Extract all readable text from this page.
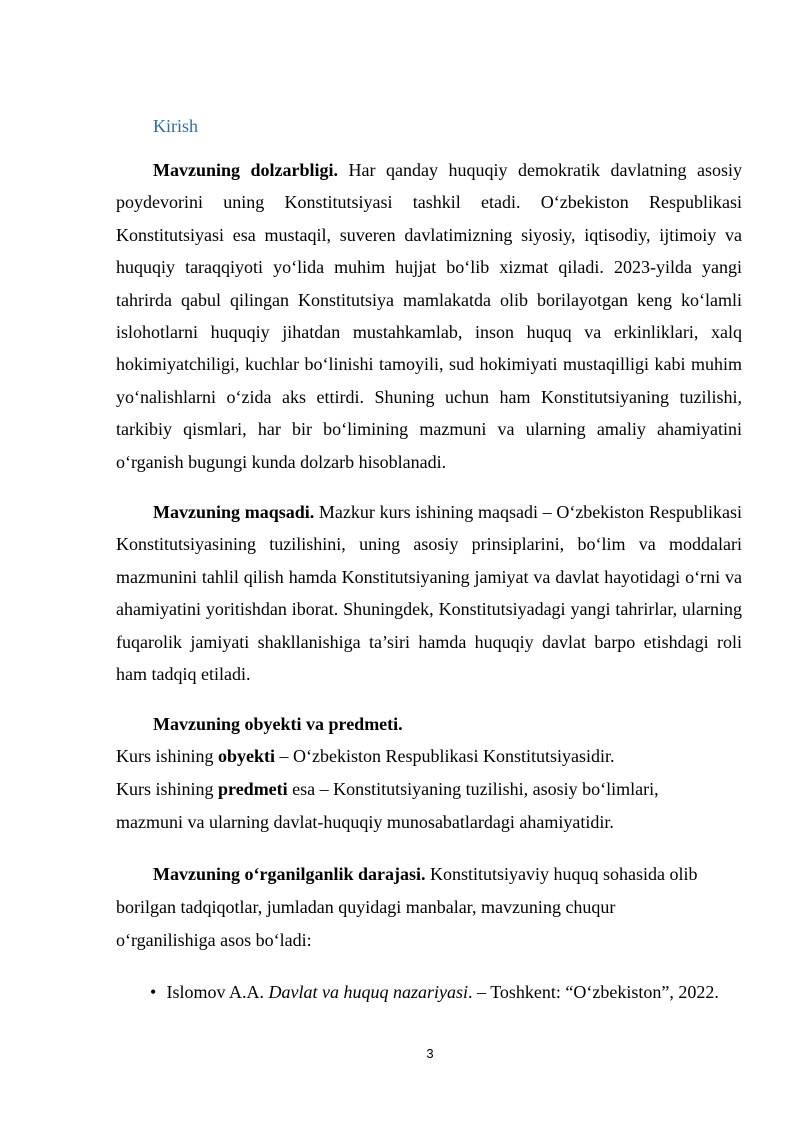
Kirish

Mavzuning dolzarbligi. Har qanday huquqiy demokratik davlatning asosiy poydevorini uning Konstitutsiyasi tashkil etadi. O‘zbekiston Respublikasi Konstitutsiyasi esa mustaqil, suveren davlatimizning siyosiy, iqtisodiy, ijtimoiy va huquqiy taraqqiyoti yo‘lida muhim hujjat bo‘lib xizmat qiladi. 2023-yilda yangi tahrirda qabul qilingan Konstitutsiya mamlakatda olib borilayotgan keng ko‘lamli islohotlarni huquqiy jihatdan mustahkamlab, inson huquq va erkinliklari, xalq hokimiyatchiligi, kuchlar bo‘linishi tamoyili, sud hokimiyati mustaqilligi kabi muhim yo‘nalishlarni o‘zida aks ettirdi. Shuning uchun ham Konstitutsiyaning tuzilishi, tarkibiy qismlari, har bir bo‘limining mazmuni va ularning amaliy ahamiyatini o‘rganish bugungi kunda dolzarb hisoblanadi.

Mavzuning maqsadi. Mazkur kurs ishining maqsadi – O‘zbekiston Respublikasi Konstitutsiyasining tuzilishini, uning asosiy prinsiplarini, bo‘lim va moddalari mazmunini tahlil qilish hamda Konstitutsiyaning jamiyat va davlat hayotidagi o‘rni va ahamiyatini yoritishdan iborat. Shuningdek, Konstitutsiyadagi yangi tahrirlar, ularning fuqarolik jamiyati shakllanishiga ta’siri hamda huquqiy davlat barpo etishdagi roli ham tadqiq etiladi.

Mavzuning obyekti va predmeti.

Kurs ishining obyekti – O‘zbekiston Respublikasi Konstitutsiyasidir.

Kurs ishining predmeti esa – Konstitutsiyaning tuzilishi, asosiy bo‘limlari,

mazmuni va ularning davlat-huquqiy munosabatlardagi ahamiyatidir.

Mavzuning o‘rganilganlik darajasi. Konstitutsiyaviy huquq sohasida olib

borilgan tadqiqotlar, jumladan quyidagi manbalar, mavzuning chuqur

o‘rganilishiga asos bo‘ladi:

• Islomov A.A. Davlat va huquq nazariyasi. – Toshkent: “O‘zbekiston”, 2022.

3
